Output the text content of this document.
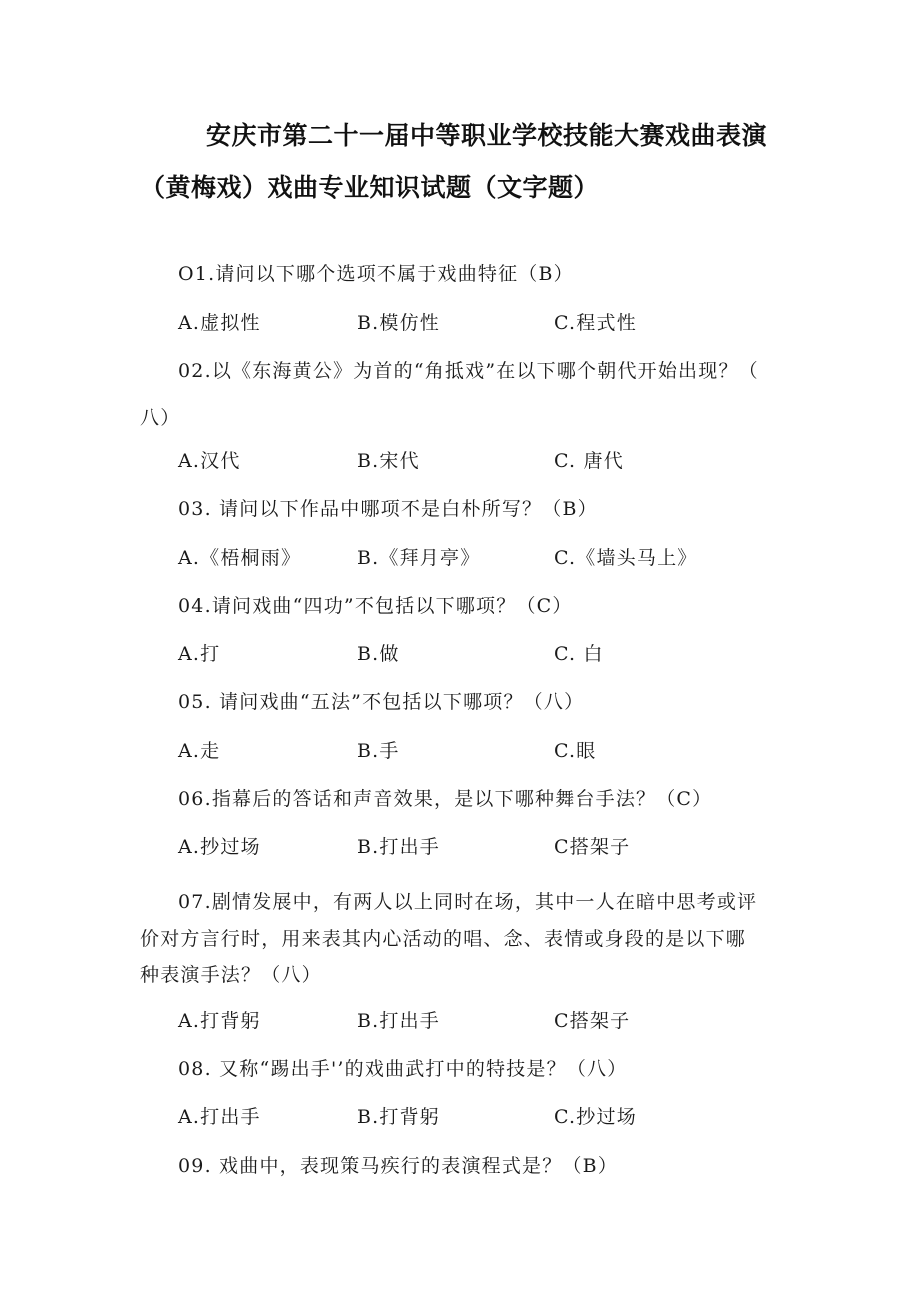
安庆市第二十一届中等职业学校技能大赛戏曲表演
（黄梅戏）戏曲专业知识试题（文字题）
O1.请问以下哪个选项不属于戏曲特征（B）
A.虚拟性	B.模仿性	C.程式性
02.以《东海黄公》为首的“角抵戏”在以下哪个朝代开始出现？（
八）
A.汉代	B.宋代	C. 唐代
03. 请问以下作品中哪项不是白朴所写？（B）
A.《梧桐雨》	B.《拜月亭》	C.《墙头马上》
04.请问戏曲“四功”不包括以下哪项？（C）
A.打	B.做	C. 白
05. 请问戏曲“五法”不包括以下哪项？（八）
A.走	B.手	C.眼
06.指幕后的答话和声音效果，是以下哪种舞台手法？（C）
A.抄过场	B.打出手	C搭架子
07.剧情发展中，有两人以上同时在场，其中一人在暗中思考或评
价对方言行时，用来表其内心活动的唱、念、表情或身段的是以下哪
种表演手法？（八）
A.打背躬	B.打出手	C搭架子
08. 又称“踢出手'’的戏曲武打中的特技是？（八）
A.打出手	B.打背躬	C.抄过场
09. 戏曲中，表现策马疾行的表演程式是？（B）
